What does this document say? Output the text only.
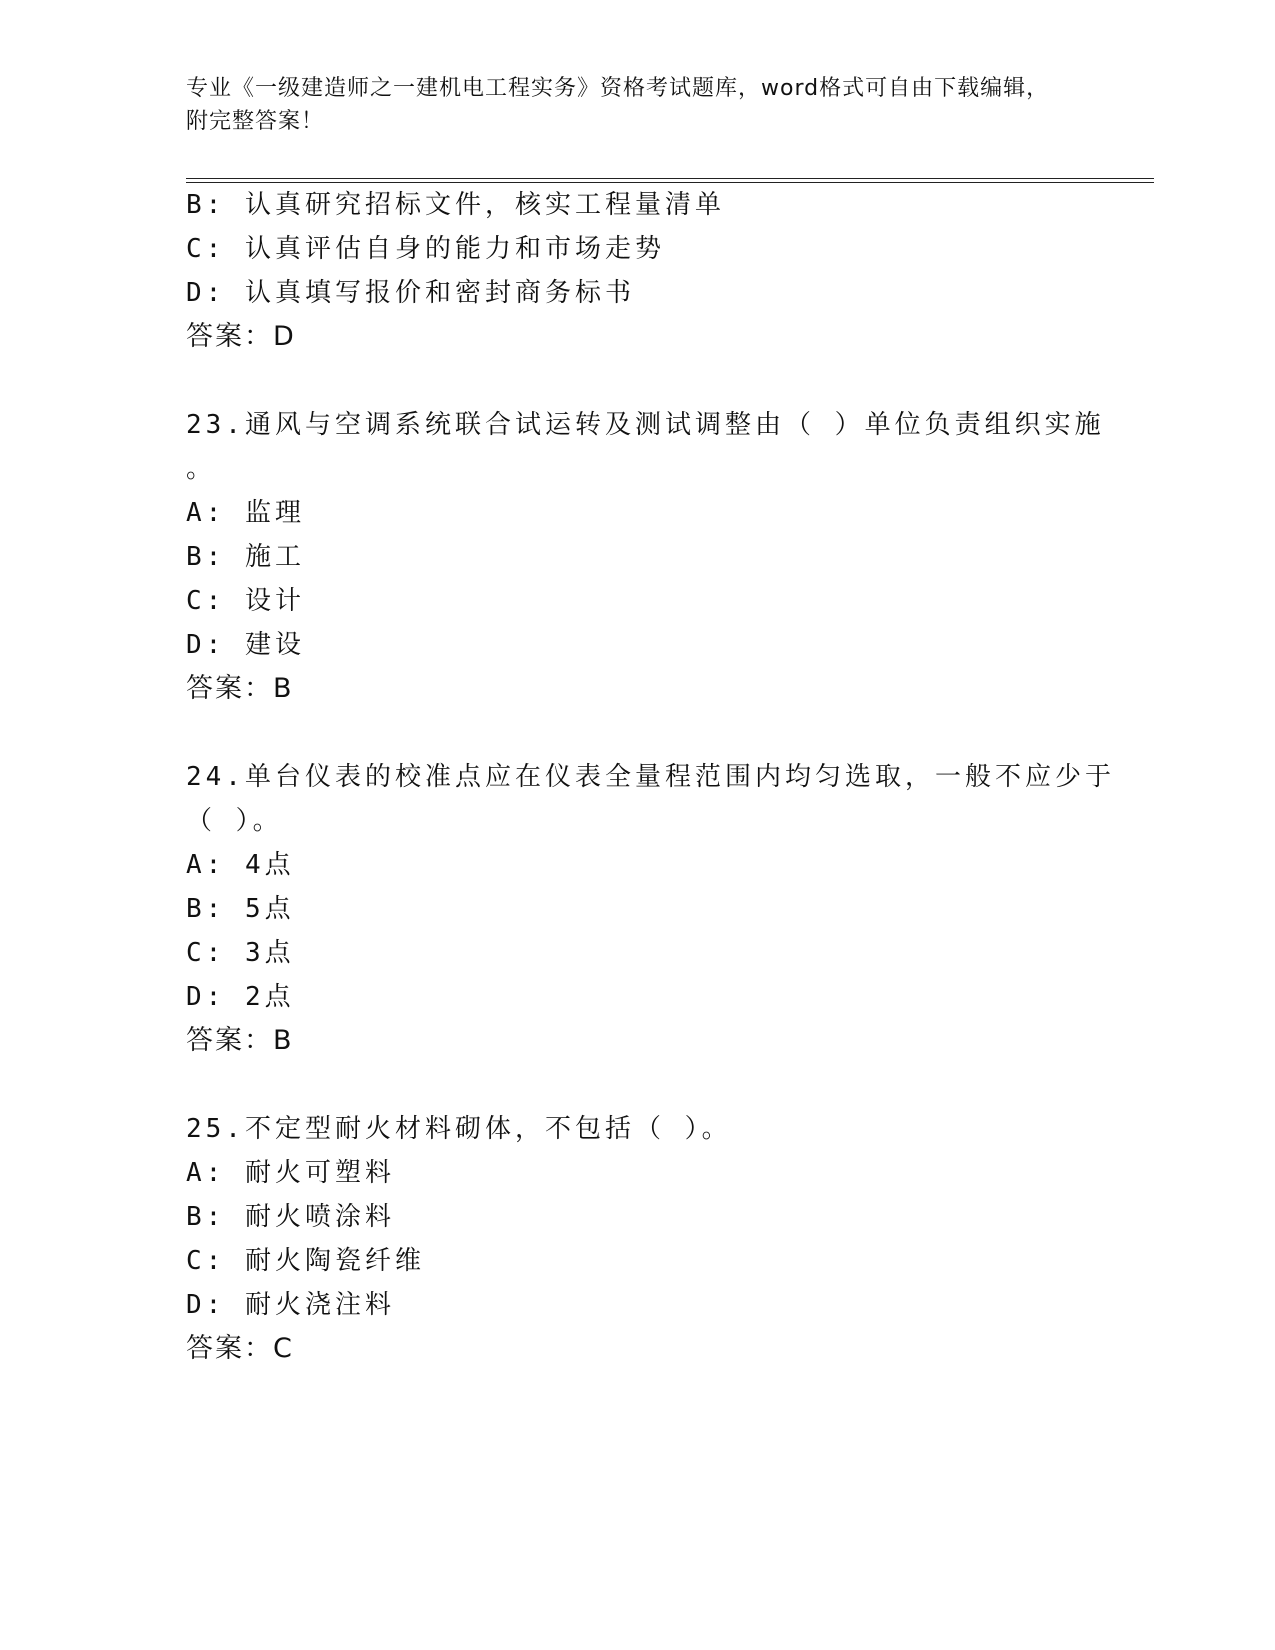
专业《一级建造师之一建机电工程实务》资格考试题库，word格式可自由下载编辑，附完整答案！
B: 认真研究招标文件，核实工程量清单
C: 认真评估自身的能力和市场走势
D: 认真填写报价和密封商务标书
答案：D
23.通风与空调系统联合试运转及测试调整由（ ）单位负责组织实施
。
A: 监理
B: 施工
C: 设计
D: 建设
答案：B
24.单台仪表的校准点应在仪表全量程范围内均匀选取，一般不应少于
（ ）。
A: 4点
B: 5点
C: 3点
D: 2点
答案：B
25.不定型耐火材料砌体，不包括（ ）。
A: 耐火可塑料
B: 耐火喷涂料
C: 耐火陶瓷纤维
D: 耐火浇注料
答案：C
